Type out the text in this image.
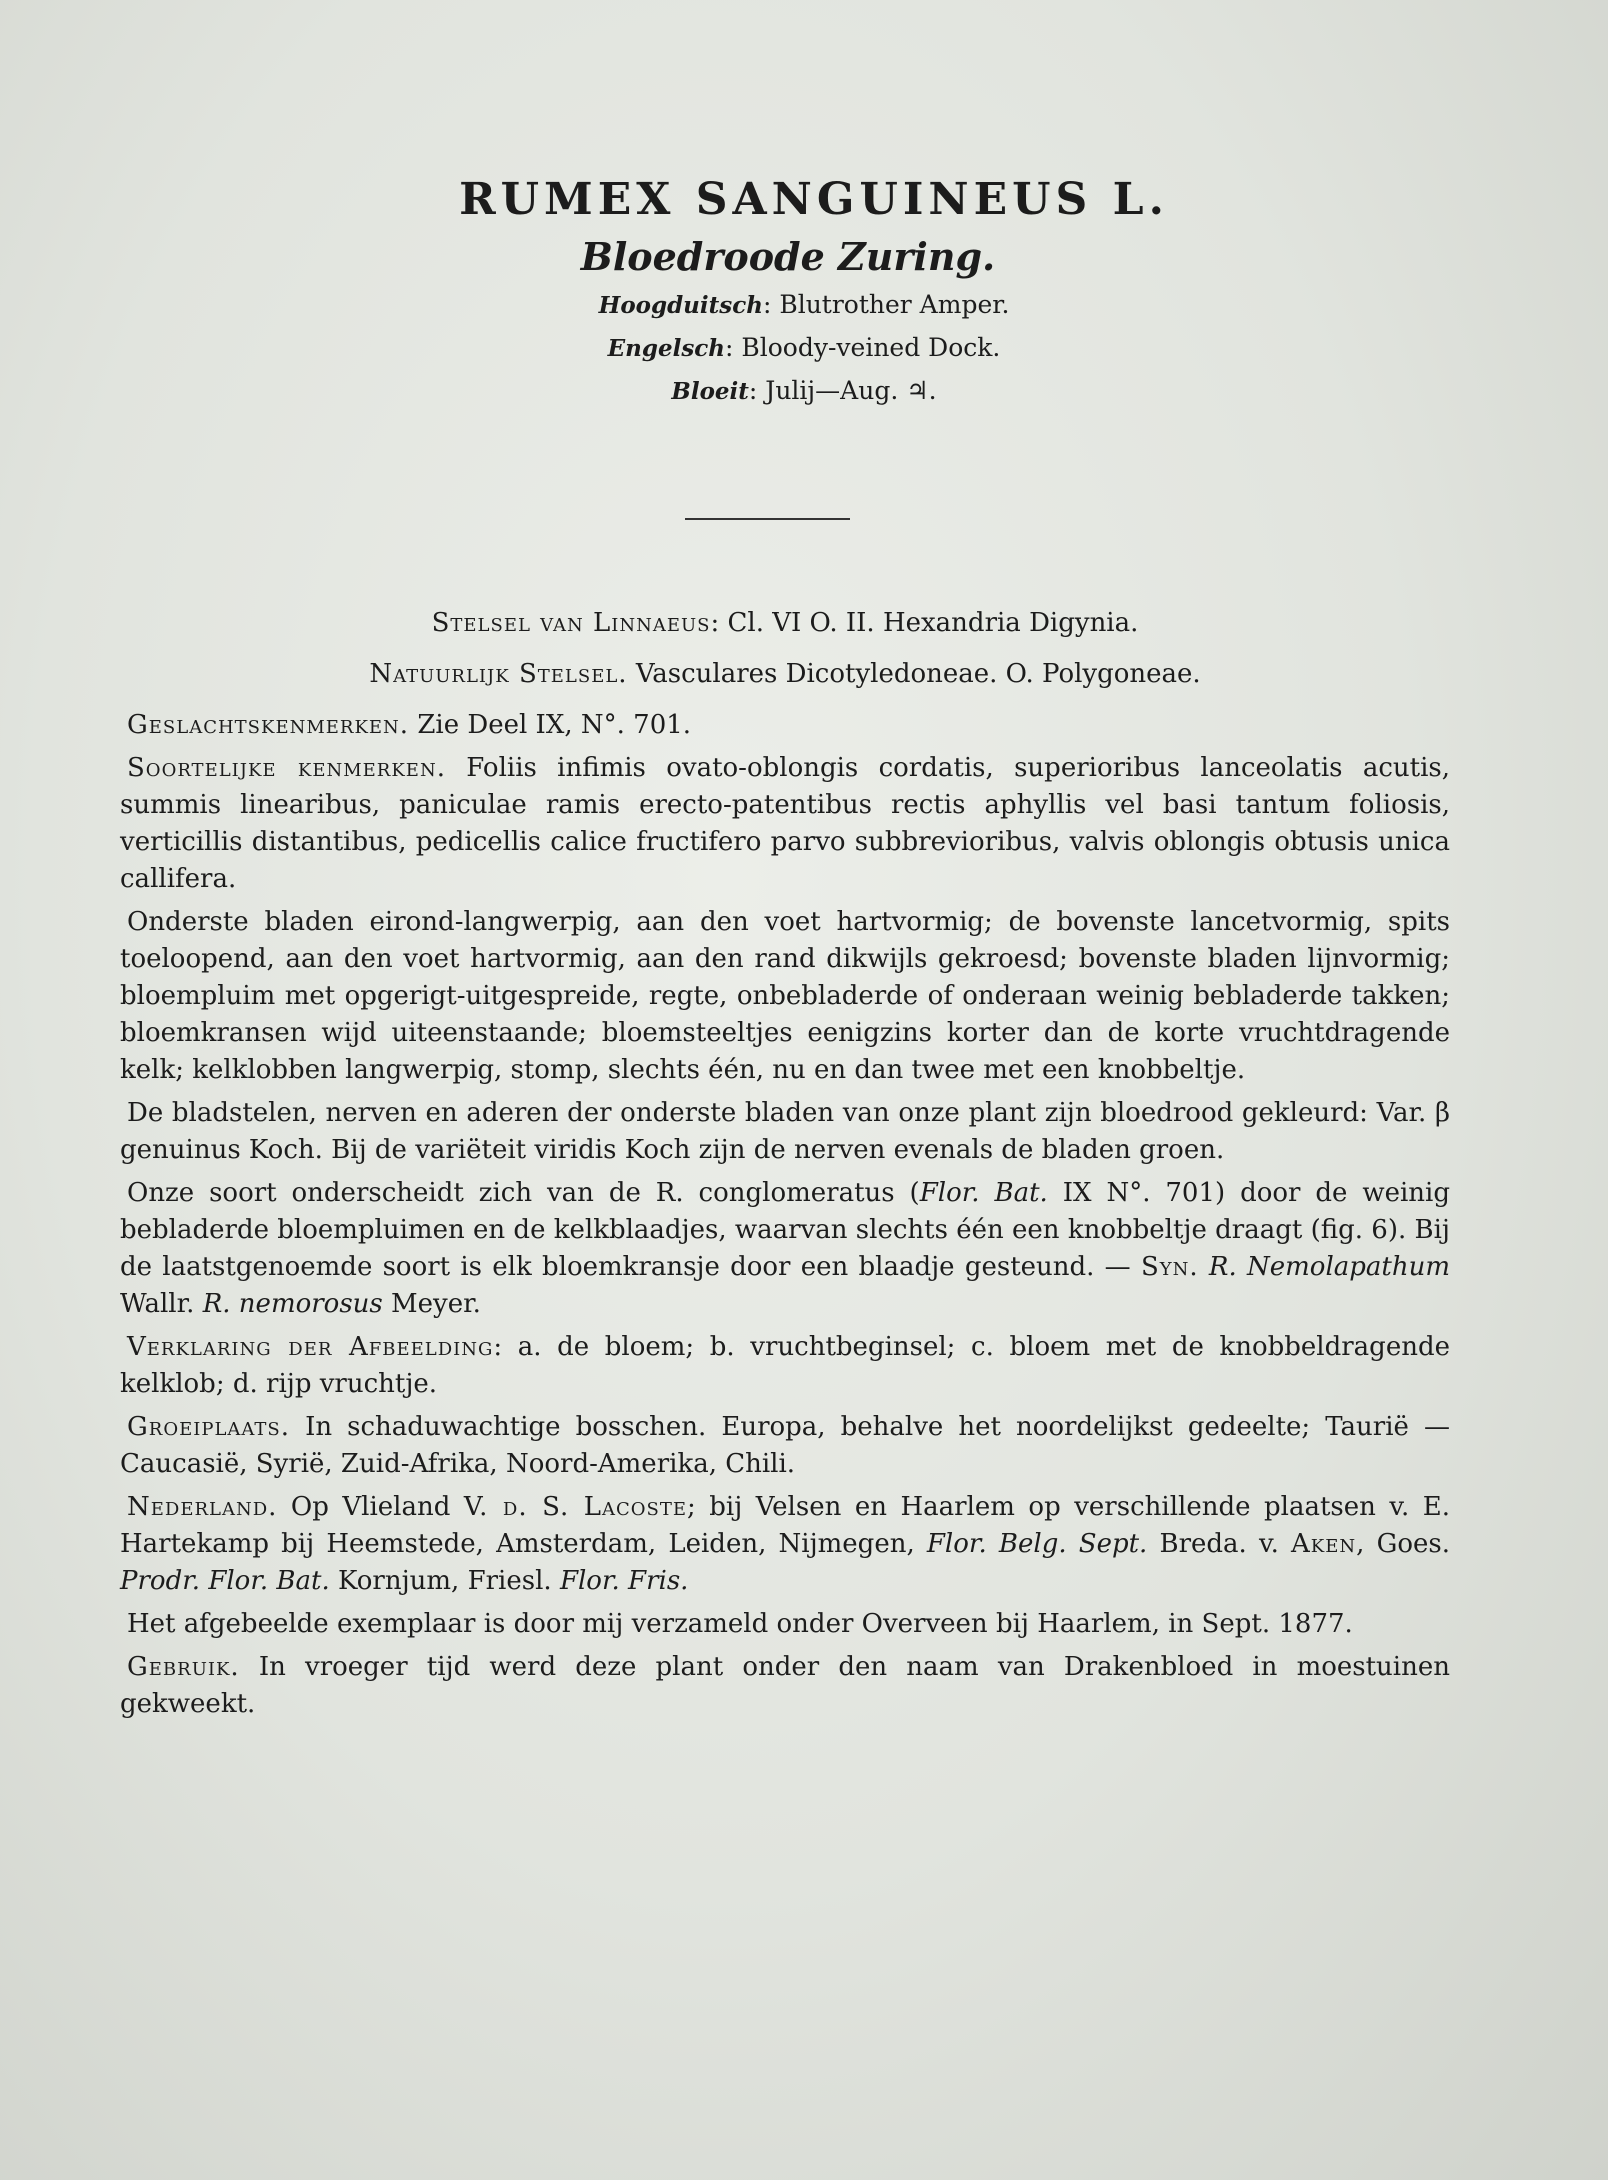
RUMEX SANGUINEUS L.

Bloedroode Zuring.

Hoogduitsch: Blutrother Amper.

Engelsch: Bloody-veined Dock.

Bloeit: Julij—Aug. ♃.

Stelsel van Linnaeus: Cl. VI O. II. Hexandria Digynia.

Natuurlijk Stelsel. Vasculares Dicotyledoneae. O. Polygoneae.

Geslachtskenmerken. Zie Deel IX, N°. 701.

Soortelijke kenmerken. Foliis infimis ovato-oblongis cordatis, superioribus lanceolatis acutis, summis linearibus, paniculae ramis erecto-patentibus rectis aphyllis vel basi tantum foliosis, verticillis distantibus, pedicellis calice fructifero parvo subbrevioribus, valvis oblongis obtusis unica callifera.

Onderste bladen eirond-langwerpig, aan den voet hartvormig; de bovenste lancetvormig, spits toeloopend, aan den voet hartvormig, aan den rand dikwijls gekroesd; bovenste bladen lijnvormig; bloempluim met opgerigt-uitgespreide, regte, onbebladerde of onderaan weinig bebladerde takken; bloemkransen wijd uiteenstaande; bloemsteeltjes eenigzins korter dan de korte vruchtdragende kelk; kelklobben langwerpig, stomp, slechts één, nu en dan twee met een knobbeltje.

De bladstelen, nerven en aderen der onderste bladen van onze plant zijn bloedrood gekleurd: Var. β genuinus Koch. Bij de variëteit viridis Koch zijn de nerven evenals de bladen groen.

Onze soort onderscheidt zich van de R. conglomeratus (Flor. Bat. IX N°. 701) door de weinig bebladerde bloempluimen en de kelkblaadjes, waarvan slechts één een knobbeltje draagt (fig. 6). Bij de laatstgenoemde soort is elk bloemkransje door een blaadje gesteund. — Syn. R. Nemolapathum Wallr. R. nemorosus Meyer.

Verklaring der Afbeelding: a. de bloem; b. vruchtbeginsel; c. bloem met de knobbeldragende kelklob; d. rijp vruchtje.

Groeiplaats. In schaduwachtige bosschen. Europa, behalve het noordelijkst gedeelte; Taurië — Caucasië, Syrië, Zuid-Afrika, Noord-Amerika, Chili.

Nederland. Op Vlieland V. d. S. Lacoste; bij Velsen en Haarlem op verschillende plaatsen v. E. Hartekamp bij Heemstede, Amsterdam, Leiden, Nijmegen, Flor. Belg. Sept. Breda. v. Aken, Goes. Prodr. Flor. Bat. Kornjum, Friesl. Flor. Fris.

Het afgebeelde exemplaar is door mij verzameld onder Overveen bij Haarlem, in Sept. 1877.

Gebruik. In vroeger tijd werd deze plant onder den naam van Drakenbloed in moestuinen gekweekt.
